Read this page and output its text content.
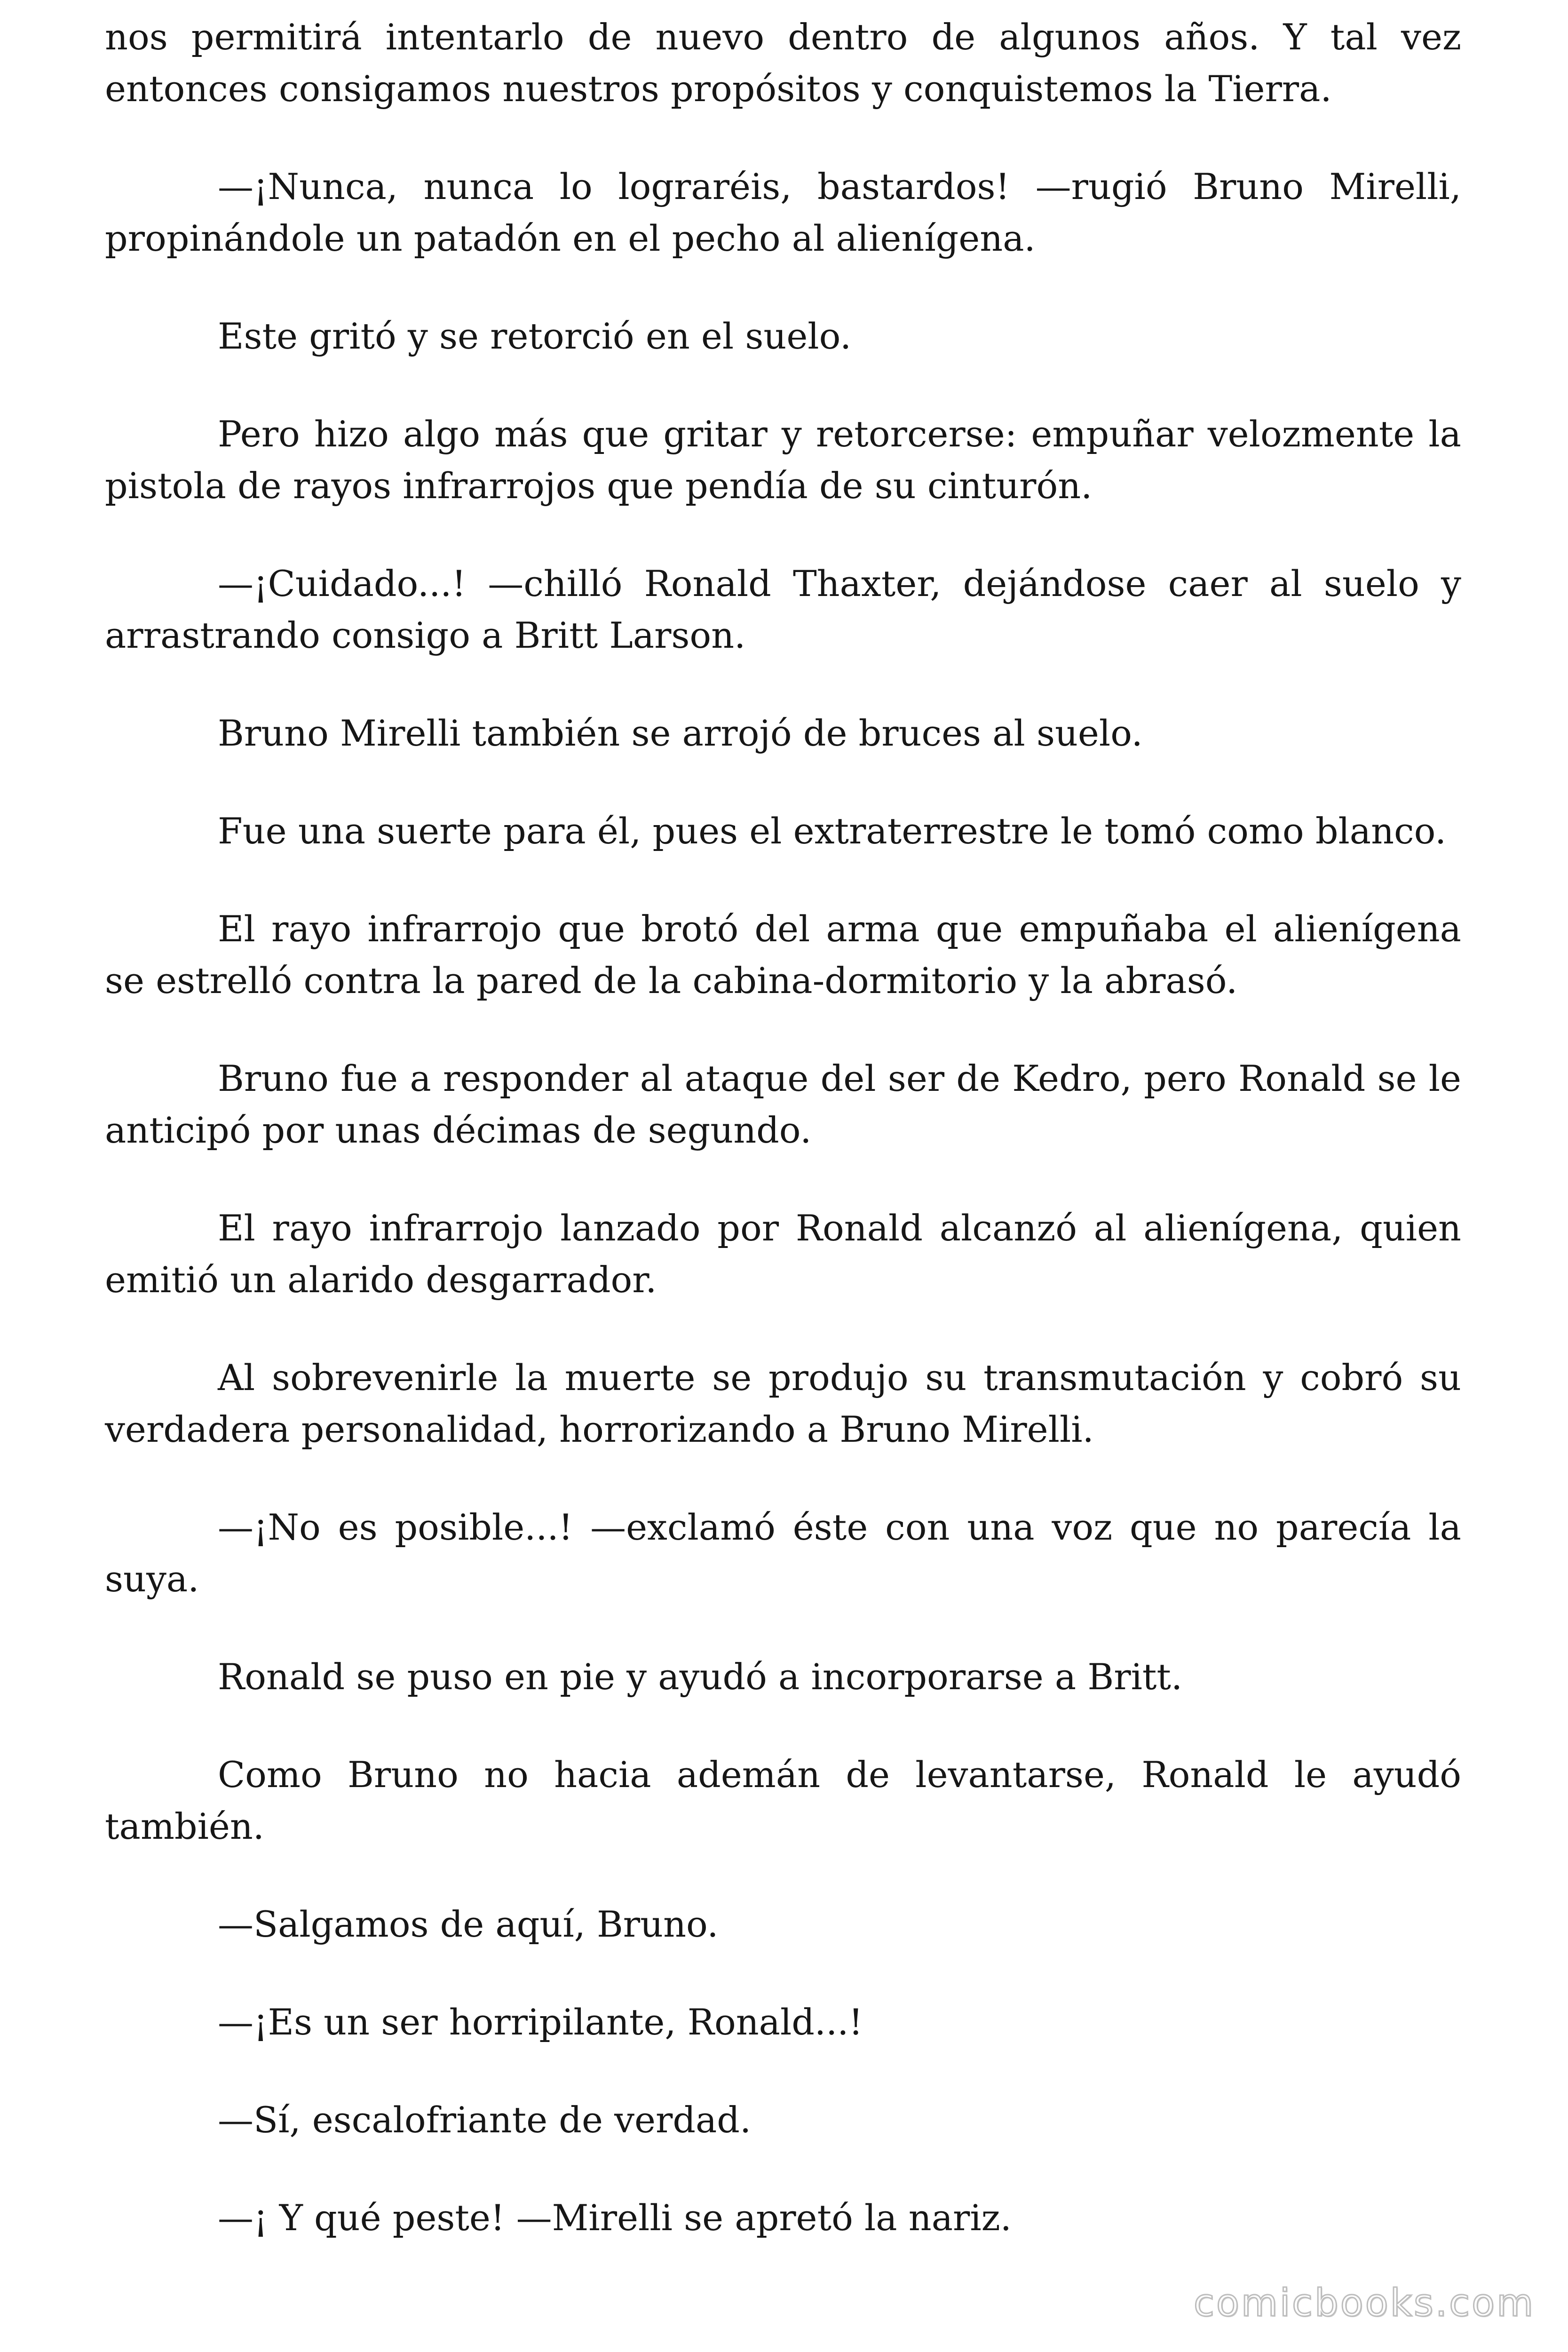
nos permitirá intentarlo de nuevo dentro de algunos años. Y tal vez entonces consigamos nuestros propósitos y conquistemos la Tierra.

—¡Nunca, nunca lo lograréis, bastardos! —rugió Bruno Mirelli, propinándole un patadón en el pecho al alienígena.

Este gritó y se retorció en el suelo.

Pero hizo algo más que gritar y retorcerse: empuñar velozmente la pistola de rayos infrarrojos que pendía de su cinturón.

—¡Cuidado...! —chilló Ronald Thaxter, dejándose caer al suelo y arrastrando consigo a Britt Larson.

Bruno Mirelli también se arrojó de bruces al suelo.

Fue una suerte para él, pues el extraterrestre le tomó como blanco.

El rayo infrarrojo que brotó del arma que empuñaba el alienígena se estrelló contra la pared de la cabina-dormitorio y la abrasó.

Bruno fue a responder al ataque del ser de Kedro, pero Ronald se le anticipó por unas décimas de segundo.

El rayo infrarrojo lanzado por Ronald alcanzó al alienígena, quien emitió un alarido desgarrador.

Al sobrevenirle la muerte se produjo su transmutación y cobró su verdadera personalidad, horrorizando a Bruno Mirelli.

—¡No es posible...! —exclamó éste con una voz que no parecía la suya.

Ronald se puso en pie y ayudó a incorporarse a Britt.

Como Bruno no hacia ademán de levantarse, Ronald le ayudó también.

—Salgamos de aquí, Bruno.

—¡Es un ser horripilante, Ronald...!

—Sí, escalofriante de verdad.

—¡ Y qué peste! —Mirelli se apretó la nariz.

comicbooks.com
